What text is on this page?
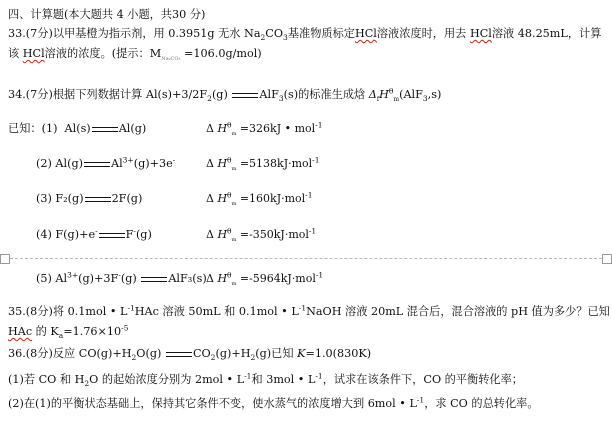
四、计算题(本大题共 4 小题，共30 分)
33.(7分)以甲基橙为指示剂，用 0.3951g 无水 $Na_2CO_3$基准物质标定HCl溶液浓度时，用去 HCl溶液 48.25mL，计算
该 HCl溶液的浓度。(提示：$M_{Na_2CO_3} =106.0g/mol$)
34.(7分)根据下列数据计算 $Al(s)+3/2F_2(g)$	AlF$_3$(s)的标准生成焓 $\Delta_fH^\theta_m(AlF_3,s)$
已知：(1)  Al(s)	Al(g)	Δ $H^\theta_m =326kJ$ • mol$^{-1}$
(2) Al(g)	$Al^{3+}(g)+3e^-$	Δ $H^\theta_m =5138kJ\cdot mol^{-1}$
(3) F₂(g)	2F(g)	Δ $H^\theta_m =160kJ\cdot mol^{-1}$
(4) F(g)+e-	F-(g)	Δ $H^\theta_m =-350kJ\cdot mol^{-1}$
(5) $Al^{3+}(g)+3F^-(g)$	AlF₃(s) Δ $H^\theta_m =-5964kJ\cdot mol^{-1}$
35.(8分)将 0.1mol • $L^{-1}HAc$ 溶液 50mL 和 0.1mol • $L^{-1}NaOH$ 溶液 20mL 混合后，混合溶液的 pH 值为多少？已知
HAc 的 $K_a=1.76\times 10^{-5}$
36.(8分)反应 $CO(g)+H_2O(g)$	$CO_2(g)+H_2(g)$已知 K=1.0(830K)
(1)若 CO 和 $H_2O$ 的起始浓度分别为 2mol • $L^{-1}$和 3mol • $L^{-1}$，试求在该条件下，CO 的平衡转化率；
(2)在(1)的平衡状态基础上，保持其它条件不变，使水蒸气的浓度增大到 6mol • $L^{-1}$，求 CO 的总转化率。
